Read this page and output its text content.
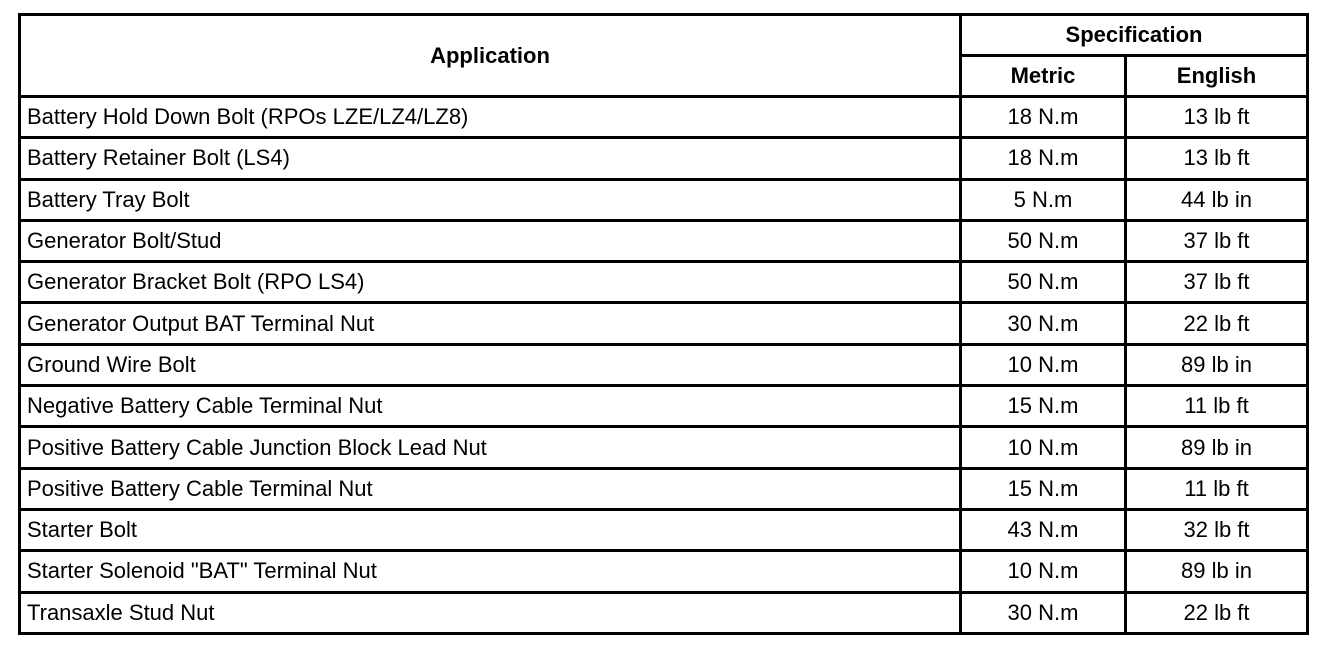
Application	Specification	
	Metric	English
Battery Hold Down Bolt (RPOs LZE/LZ4/LZ8)	18 N.m	13 lb ft
Battery Retainer Bolt (LS4)	18 N.m	13 lb ft
Battery Tray Bolt	5 N.m	44 lb in
Generator Bolt/Stud	50 N.m	37 lb ft
Generator Bracket Bolt (RPO LS4)	50 N.m	37 lb ft
Generator Output BAT Terminal Nut	30 N.m	22 lb ft
Ground Wire Bolt	10 N.m	89 lb in
Negative Battery Cable Terminal Nut	15 N.m	11 lb ft
Positive Battery Cable Junction Block Lead Nut	10 N.m	89 lb in
Positive Battery Cable Terminal Nut	15 N.m	11 lb ft
Starter Bolt	43 N.m	32 lb ft
Starter Solenoid "BAT" Terminal Nut	10 N.m	89 lb in
Transaxle Stud Nut	30 N.m	22 lb ft
